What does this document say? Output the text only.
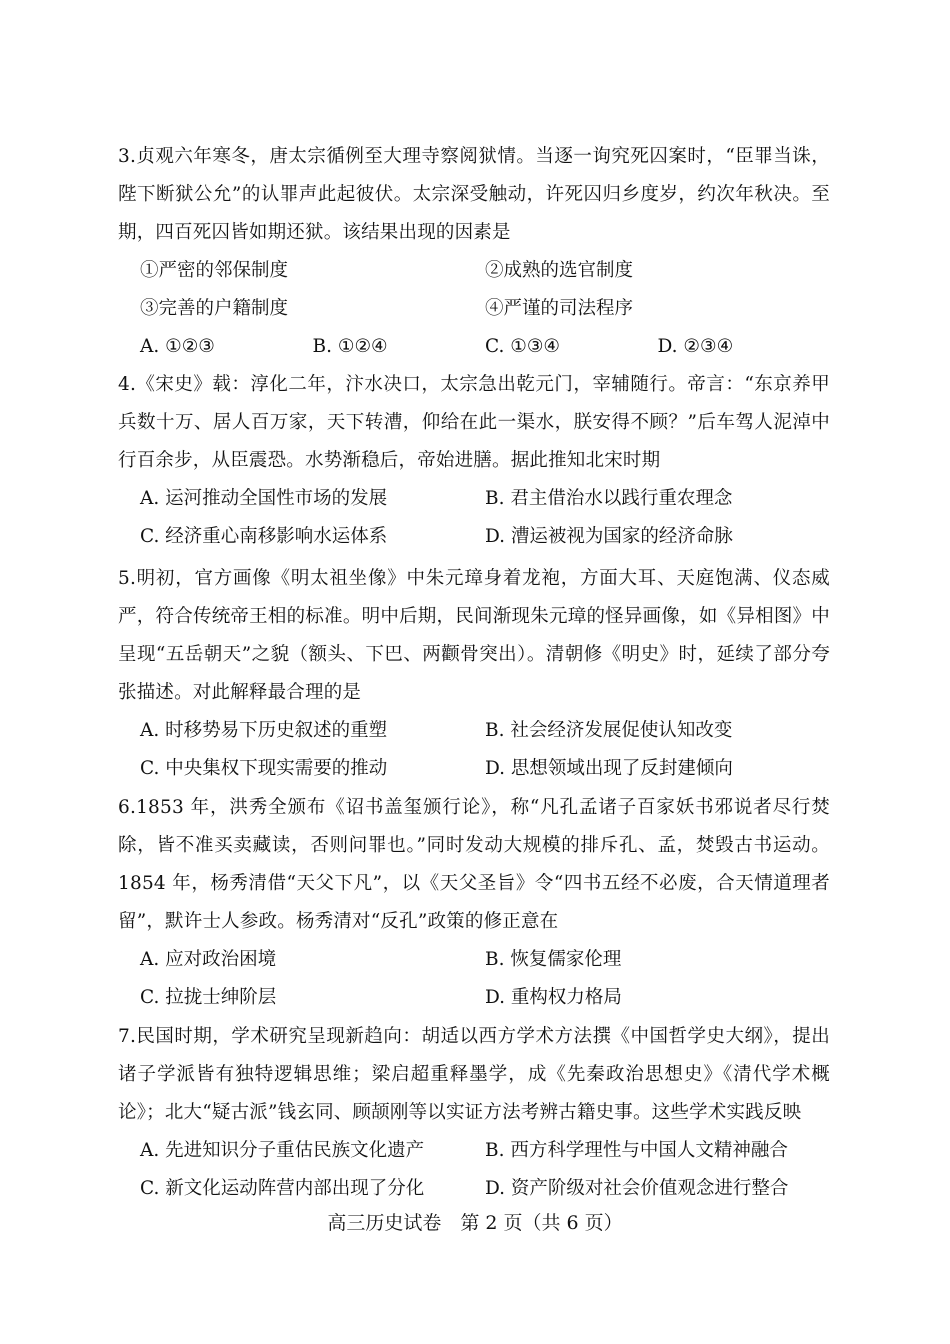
3.贞观六年寒冬，唐太宗循例至大理寺察阅狱情。当逐一询究死囚案时，“臣罪当诛，陛下断狱公允”的认罪声此起彼伏。太宗深受触动，许死囚归乡度岁，约次年秋决。至期，四百死囚皆如期还狱。该结果出现的因素是

①严密的邻保制度	②成熟的选官制度
③完善的户籍制度	④严谨的司法程序
A. ①②③	B. ①②④	C. ①③④	D. ②③④

4.《宋史》载：淳化二年，汴水决口，太宗急出乾元门，宰辅随行。帝言：“东京养甲兵数十万、居人百万家，天下转漕，仰给在此一渠水，朕安得不顾？”后车驾人泥淖中行百余步，从臣震恐。水势渐稳后，帝始进膳。据此推知北宋时期

A. 运河推动全国性市场的发展	B. 君主借治水以践行重农理念
C. 经济重心南移影响水运体系	D. 漕运被视为国家的经济命脉

5.明初，官方画像《明太祖坐像》中朱元璋身着龙袍，方面大耳、天庭饱满、仪态威严，符合传统帝王相的标准。明中后期，民间渐现朱元璋的怪异画像，如《异相图》中呈现“五岳朝天”之貌（额头、下巴、两颧骨突出）。清朝修《明史》时，延续了部分夸张描述。对此解释最合理的是

A. 时移势易下历史叙述的重塑	B. 社会经济发展促使认知改变
C. 中央集权下现实需要的推动	D. 思想领域出现了反封建倾向

6.1853 年，洪秀全颁布《诏书盖玺颁行论》，称“凡孔孟诸子百家妖书邪说者尽行焚除，皆不准买卖藏读，否则问罪也。”同时发动大规模的排斥孔、孟，焚毁古书运动。1854 年，杨秀清借“天父下凡”，以《天父圣旨》令“四书五经不必废，合天情道理者留”，默许士人参政。杨秀清对“反孔”政策的修正意在

A. 应对政治困境	B. 恢复儒家伦理
C. 拉拢士绅阶层	D. 重构权力格局

7.民国时期，学术研究呈现新趋向：胡适以西方学术方法撰《中国哲学史大纲》，提出诸子学派皆有独特逻辑思维；梁启超重释墨学，成《先秦政治思想史》《清代学术概论》；北大“疑古派”钱玄同、顾颉刚等以实证方法考辨古籍史事。这些学术实践反映

A. 先进知识分子重估民族文化遗产	B. 西方科学理性与中国人文精神融合
C. 新文化运动阵营内部出现了分化	D. 资产阶级对社会价值观念进行整合
高三历史试卷　第 2 页（共 6 页）
